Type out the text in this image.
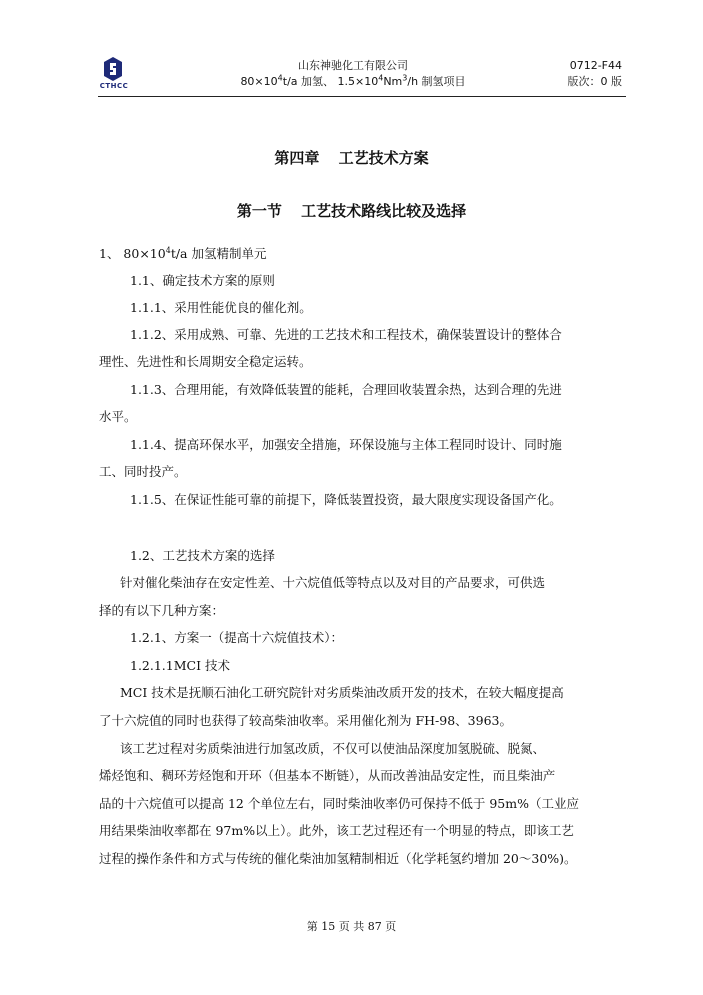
CTHCC
山东神驰化工有限公司
$80\times 10^4t/a$ 加氢、 $1.5\times 10^4Nm^3/h$ 制氢项目
0712-F44
版次：0 版
第四章 工艺技术方案
第一节 工艺技术路线比较及选择
1、 $80\times 10^4t/a$ 加氢精制单元
1.1、确定技术方案的原则
1.1.1、采用性能优良的催化剂。
1.1.2、采用成熟、可靠、先进的工艺技术和工程技术，确保装置设计的整体合
理性、先进性和长周期安全稳定运转。
1.1.3、合理用能，有效降低装置的能耗，合理回收装置余热，达到合理的先进
水平。
1.1.4、提高环保水平，加强安全措施，环保设施与主体工程同时设计、同时施
工、同时投产。
1.1.5、在保证性能可靠的前提下，降低装置投资，最大限度实现设备国产化。
1.2、工艺技术方案的选择
针对催化柴油存在安定性差、十六烷值低等特点以及对目的产品要求，可供选
择的有以下几种方案：
1.2.1、方案一（提高十六烷值技术）：
1.2.1.1MCI 技术
MCI 技术是抚顺石油化工研究院针对劣质柴油改质开发的技术，在较大幅度提高
了十六烷值的同时也获得了较高柴油收率。采用催化剂为 FH-98、3963。
该工艺过程对劣质柴油进行加氢改质，不仅可以使油品深度加氢脱硫、脱氮、
烯烃饱和、稠环芳烃饱和开环（但基本不断链），从而改善油品安定性，而且柴油产
品的十六烷值可以提高 12 个单位左右，同时柴油收率仍可保持不低于 95m%（工业应
用结果柴油收率都在 97m%以上）。此外，该工艺过程还有一个明显的特点，即该工艺
过程的操作条件和方式与传统的催化柴油加氢精制相近（化学耗氢约增加 20～30%)。
第 15 页 共 87 页
